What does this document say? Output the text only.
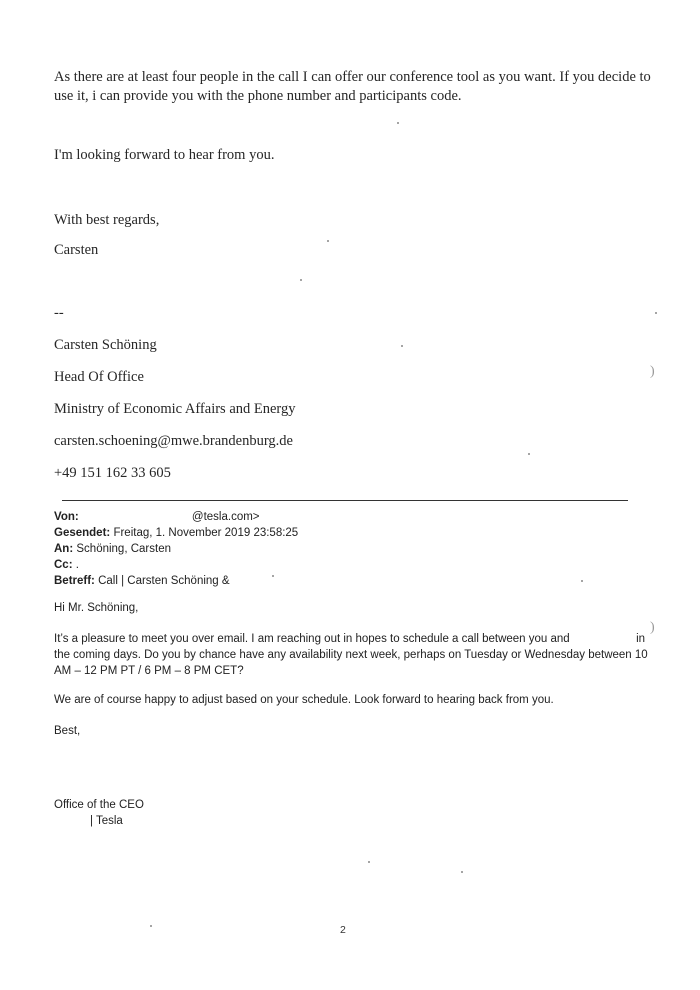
As there are at least four people in the call I can offer our conference tool as you want. If you decide to use it, i can provide you with the phone number and participants code.
I'm looking forward to hear from you.
With best regards,
Carsten
--
Carsten Schöning
Head Of Office
Ministry of Economic Affairs and Energy
carsten.schoening@mwe.brandenburg.de
+49 151 162 33 605
Von:	@tesla.com>
Gesendet: Freitag, 1. November 2019 23:58:25
An: Schöning, Carsten
Cc: .
Betreff: Call | Carsten Schöning &
Hi Mr. Schöning,
It’s a pleasure to meet you over email. I am reaching out in hopes to schedule a call between you and	in the coming days. Do you by chance have any availability next week, perhaps on Tuesday or Wednesday between 10 AM – 12 PM PT / 6 PM – 8 PM CET?
We are of course happy to adjust based on your schedule. Look forward to hearing back from you.
Best,
Office of the CEO
| Tesla
2
)
)
